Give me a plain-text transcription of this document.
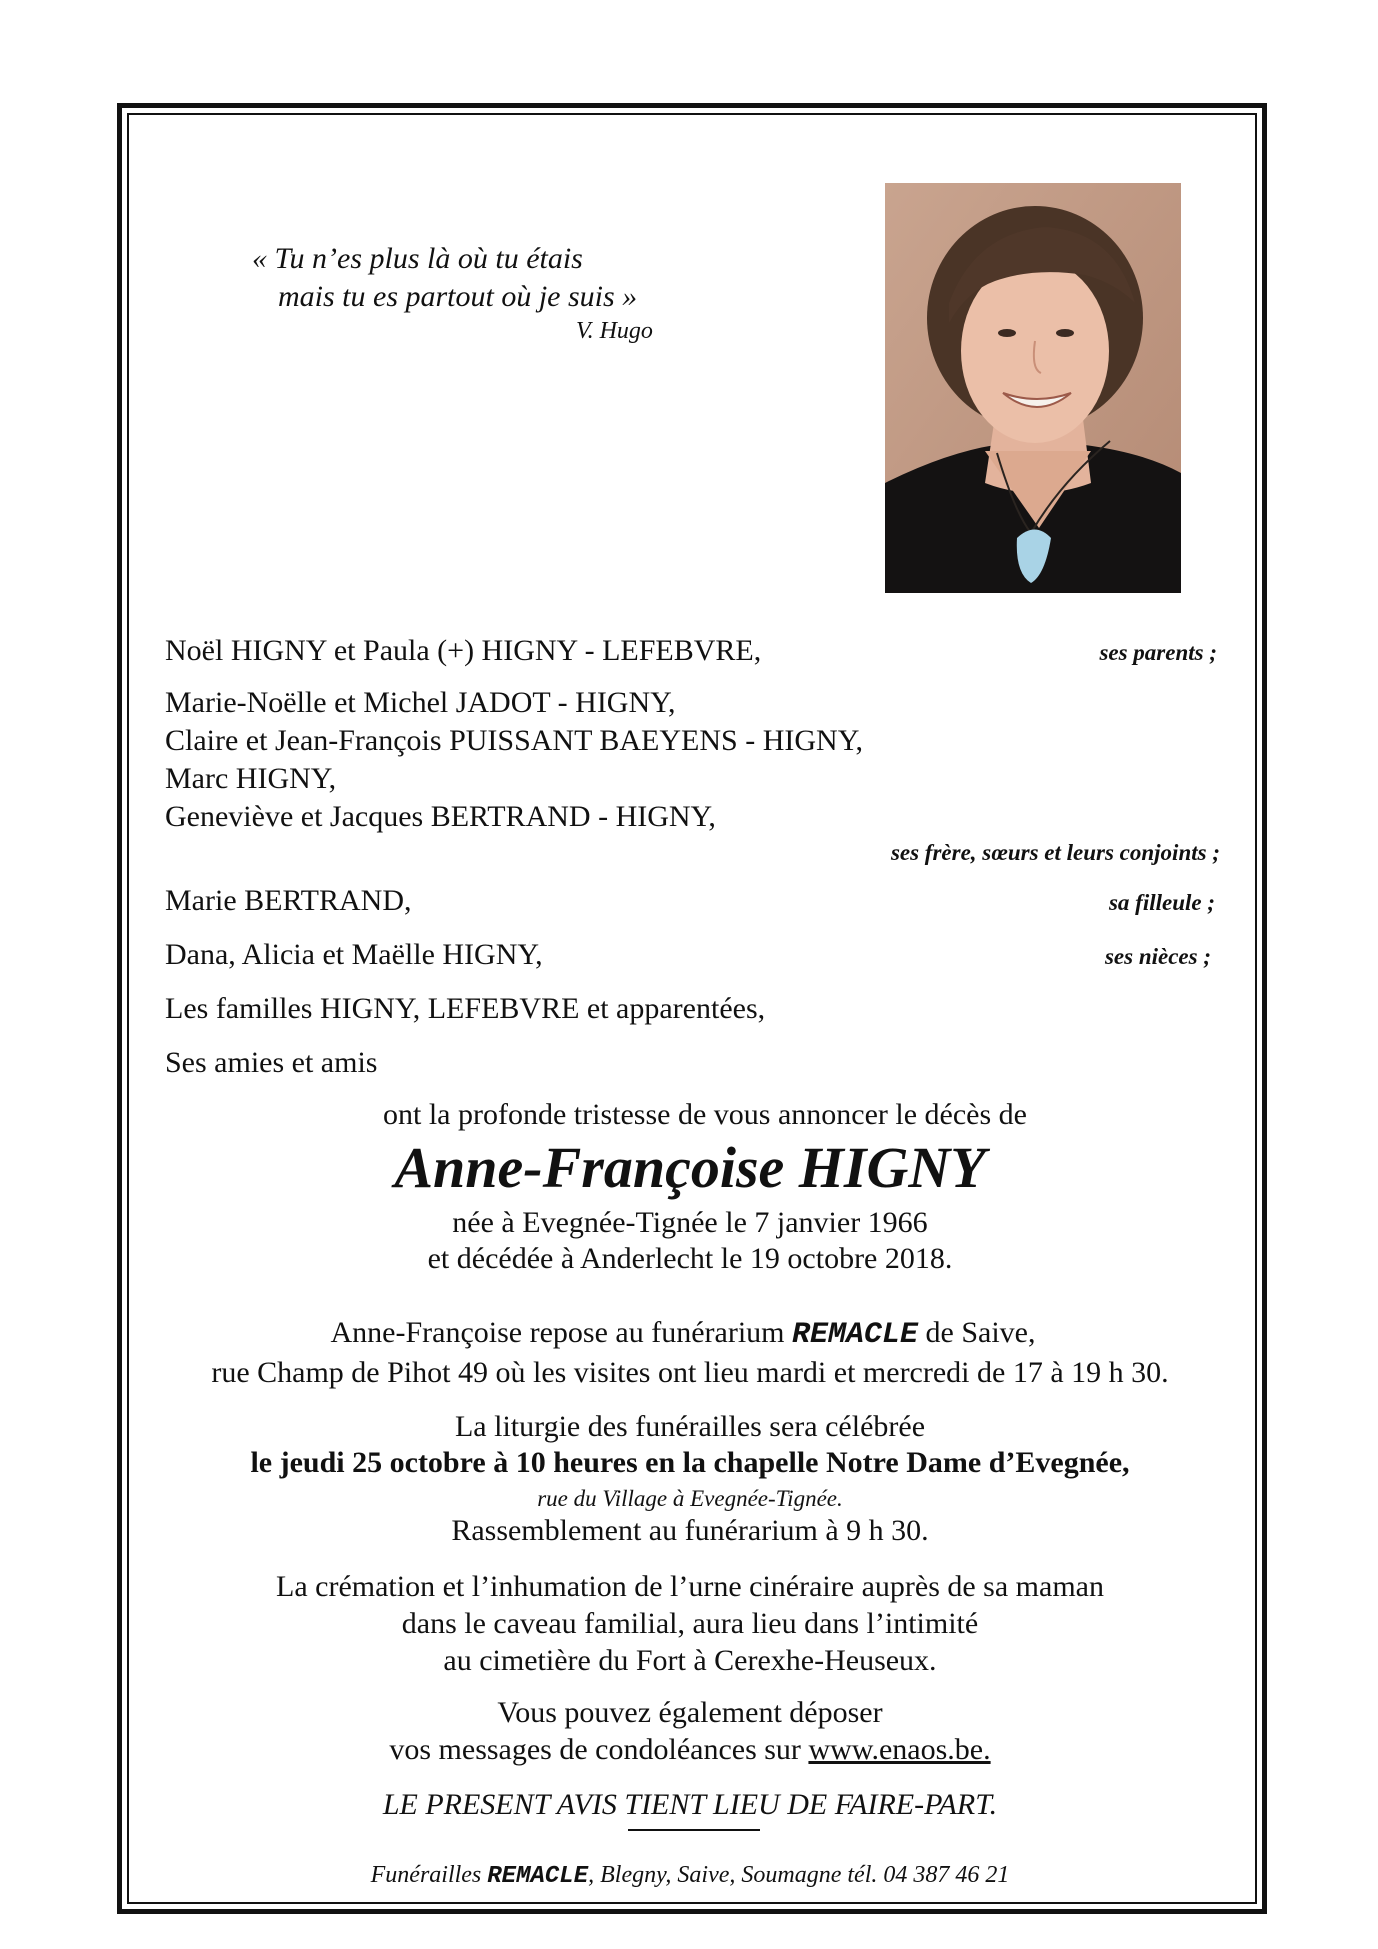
« Tu n’es plus là où tu étais
mais tu es partout où je suis »
V. Hugo
Noël HIGNY et Paula (+) HIGNY - LEFEBVRE,	ses parents ;
Marie-Noëlle et Michel JADOT - HIGNY,
Claire et Jean-François PUISSANT BAEYENS - HIGNY,
Marc HIGNY,
Geneviève et Jacques BERTRAND - HIGNY,
ses frère, sœurs et leurs conjoints ;
Marie BERTRAND,	sa filleule ;
Dana, Alicia et Maëlle HIGNY,	ses nièces ;
Les familles HIGNY, LEFEBVRE et apparentées,
Ses amies et amis
ont la profonde tristesse de vous annoncer le décès de
Anne-Françoise HIGNY
née à Evegnée-Tignée le 7 janvier 1966
et décédée à Anderlecht le 19 octobre 2018.
Anne-Françoise repose au funérarium REMACLE de Saive,
rue Champ de Pihot 49 où les visites ont lieu mardi et mercredi de 17 à 19 h 30.
La liturgie des funérailles sera célébrée
le jeudi 25 octobre à 10 heures en la chapelle Notre Dame d’Evegnée,
rue du Village à Evegnée-Tignée.
Rassemblement au funérarium à 9 h 30.
La crémation et l’inhumation de l’urne cinéraire auprès de sa maman
dans le caveau familial, aura lieu dans l’intimité
au cimetière du Fort à Cerexhe-Heuseux.
Vous pouvez également déposer
vos messages de condoléances sur www.enaos.be.
LE PRESENT AVIS TIENT LIEU DE FAIRE-PART.
Funérailles REMACLE, Blegny, Saive, Soumagne tél. 04 387 46 21
